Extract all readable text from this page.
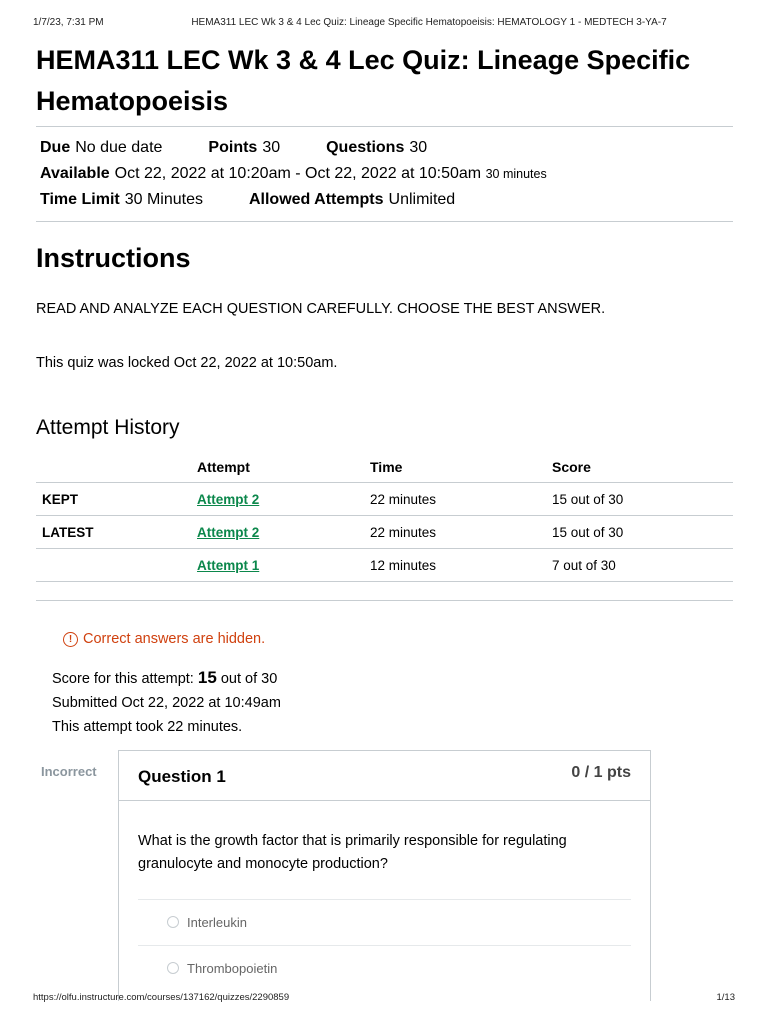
1/7/23, 7:31 PM	HEMA311 LEC Wk 3 & 4 Lec Quiz: Lineage Specific Hematopoeisis: HEMATOLOGY 1 - MEDTECH 3-YA-7
HEMA311 LEC Wk 3 & 4 Lec Quiz: Lineage Specific Hematopoeisis
Due No due date	Points 30	Questions 30
Available Oct 22, 2022 at 10:20am - Oct 22, 2022 at 10:50am 30 minutes
Time Limit 30 Minutes	Allowed Attempts Unlimited
Instructions
READ AND ANALYZE EACH QUESTION CAREFULLY. CHOOSE THE BEST ANSWER.
This quiz was locked Oct 22, 2022 at 10:50am.
Attempt History
	Attempt	Time	Score
KEPT	Attempt 2	22 minutes	15 out of 30
LATEST	Attempt 2	22 minutes	15 out of 30
	Attempt 1	12 minutes	7 out of 30
! Correct answers are hidden.
Score for this attempt: 15 out of 30
Submitted Oct 22, 2022 at 10:49am
This attempt took 22 minutes.
Incorrect Question 1	0 / 1 pts
What is the growth factor that is primarily responsible for regulating granulocyte and monocyte production?
Interleukin
Thrombopoietin
https://olfu.instructure.com/courses/137162/quizzes/2290859	1/13
